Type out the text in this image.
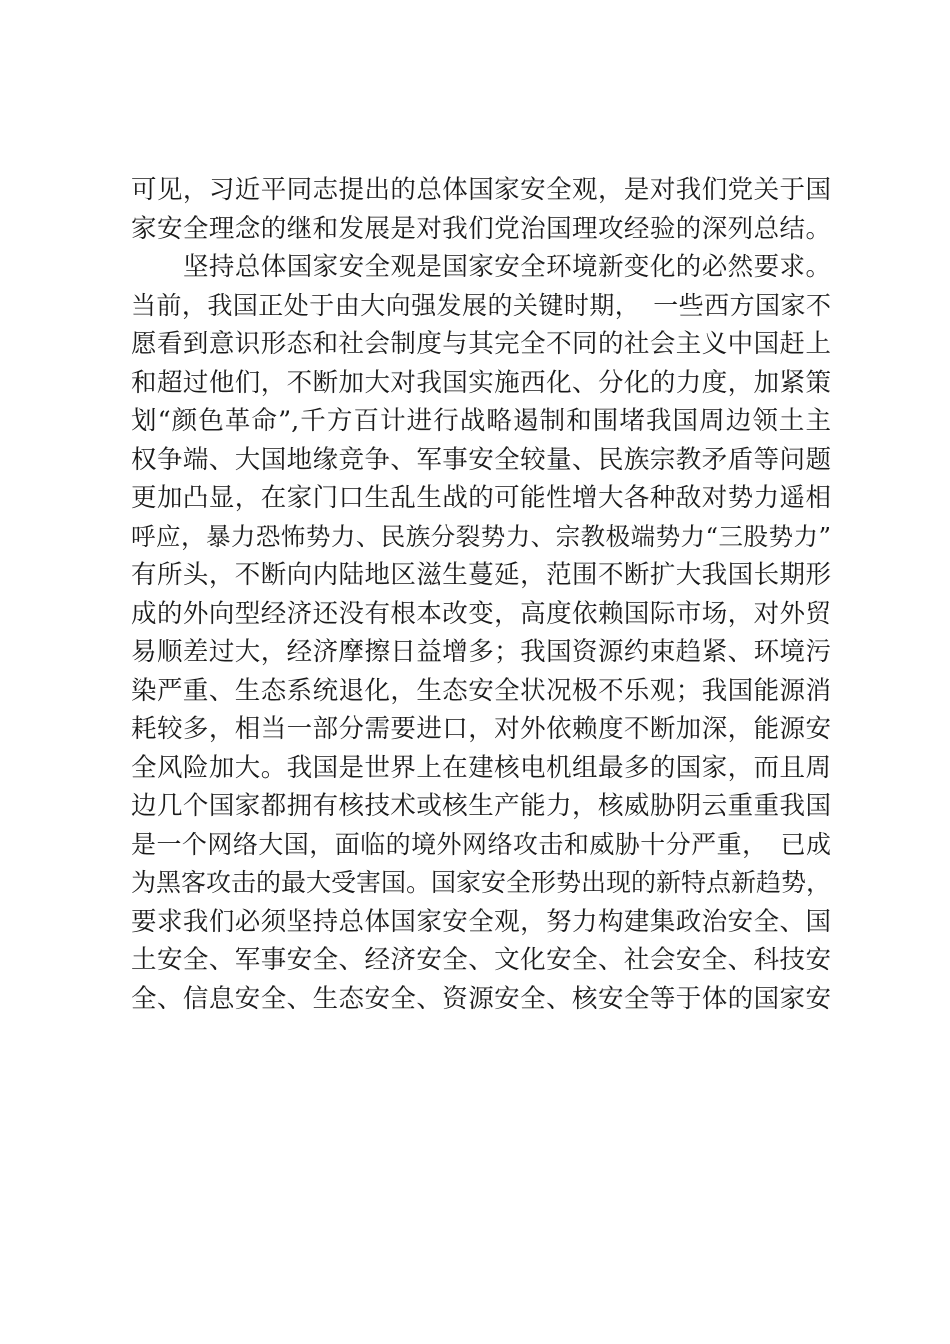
可见，习近平同志提出的总体国家安全观，是对我们党关于国
家安全理念的继和发展是对我们党治国理攻经验的深列总结。
坚持总体国家安全观是国家安全环境新变化的必然要求。
当前，我国正处于由大向强发展的关键时期，　一些西方国家不
愿看到意识形态和社会制度与其完全不同的社会主义中国赶上
和超过他们，不断加大对我国实施西化、分化的力度，加紧策
划“颜色革命”,千方百计进行战略遏制和围堵我国周边领土主
权争端、大国地缘竞争、军事安全较量、民族宗教矛盾等问题
更加凸显，在家门口生乱生战的可能性增大各种敌对势力遥相
呼应，暴力恐怖势力、民族分裂势力、宗教极端势力“三股势力”
有所头，不断向内陆地区滋生蔓延，范围不断扩大我国长期形
成的外向型经济还没有根本改变，高度依赖国际市场，对外贸
易顺差过大，经济摩擦日益增多；我国资源约束趋紧、环境污
染严重、生态系统退化，生态安全状况极不乐观；我国能源消
耗较多，相当一部分需要进口，对外依赖度不断加深，能源安
全风险加大。我国是世界上在建核电机组最多的国家，而且周
边几个国家都拥有核技术或核生产能力，核威胁阴云重重我国
是一个网络大国，面临的境外网络攻击和威胁十分严重，　已成
为黑客攻击的最大受害国。国家安全形势出现的新特点新趋势，
要求我们必须坚持总体国家安全观，努力构建集政治安全、国
土安全、军事安全、经济安全、文化安全、社会安全、科技安
全、信息安全、生态安全、资源安全、核安全等于体的国家安
